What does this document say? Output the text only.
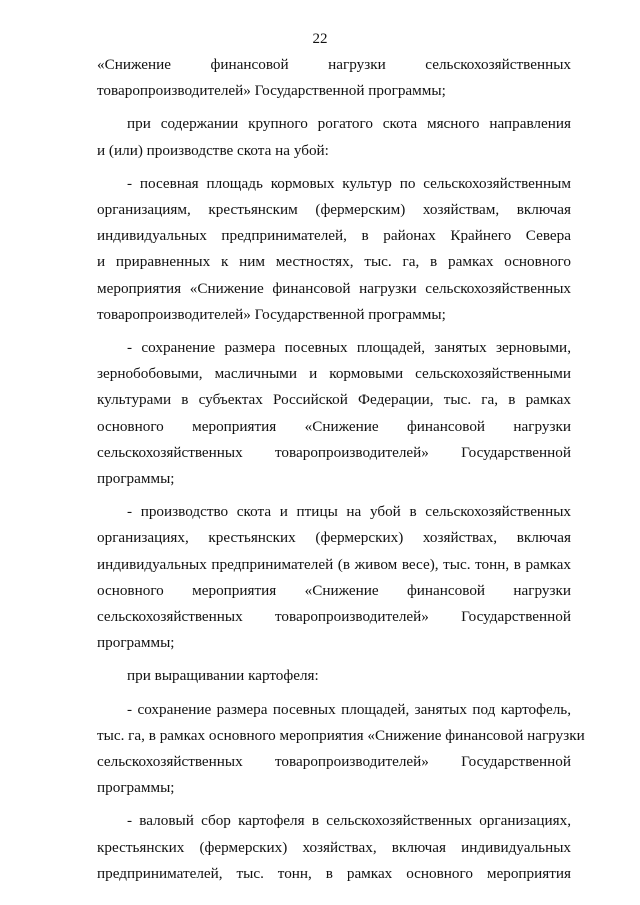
22
«Снижение финансовой нагрузки сельскохозяйственных
товаропроизводителей» Государственной программы;
при содержании крупного рогатого скота мясного направления
и (или) производстве скота на убой:
- посевная площадь кормовых культур по сельскохозяйственным
организациям, крестьянским (фермерским) хозяйствам, включая
индивидуальных предпринимателей, в районах Крайнего Севера
и приравненных к ним местностях, тыс. га, в рамках основного
мероприятия «Снижение финансовой нагрузки сельскохозяйственных
товаропроизводителей» Государственной программы;
- сохранение размера посевных площадей, занятых зерновыми,
зернобобовыми, масличными и кормовыми сельскохозяйственными
культурами в субъектах Российской Федерации, тыс. га, в рамках
основного мероприятия «Снижение финансовой нагрузки
сельскохозяйственных товаропроизводителей» Государственной
программы;
- производство скота и птицы на убой в сельскохозяйственных
организациях, крестьянских (фермерских) хозяйствах, включая
индивидуальных предпринимателей (в живом весе), тыс. тонн, в рамках
основного мероприятия «Снижение финансовой нагрузки
сельскохозяйственных товаропроизводителей» Государственной
программы;
при выращивании картофеля:
- сохранение размера посевных площадей, занятых под картофель,
тыс. га, в рамках основного мероприятия «Снижение финансовой нагрузки
сельскохозяйственных товаропроизводителей» Государственной
программы;
- валовый сбор картофеля в сельскохозяйственных организациях,
крестьянских (фермерских) хозяйствах, включая индивидуальных
предпринимателей, тыс. тонн, в рамках основного мероприятия
